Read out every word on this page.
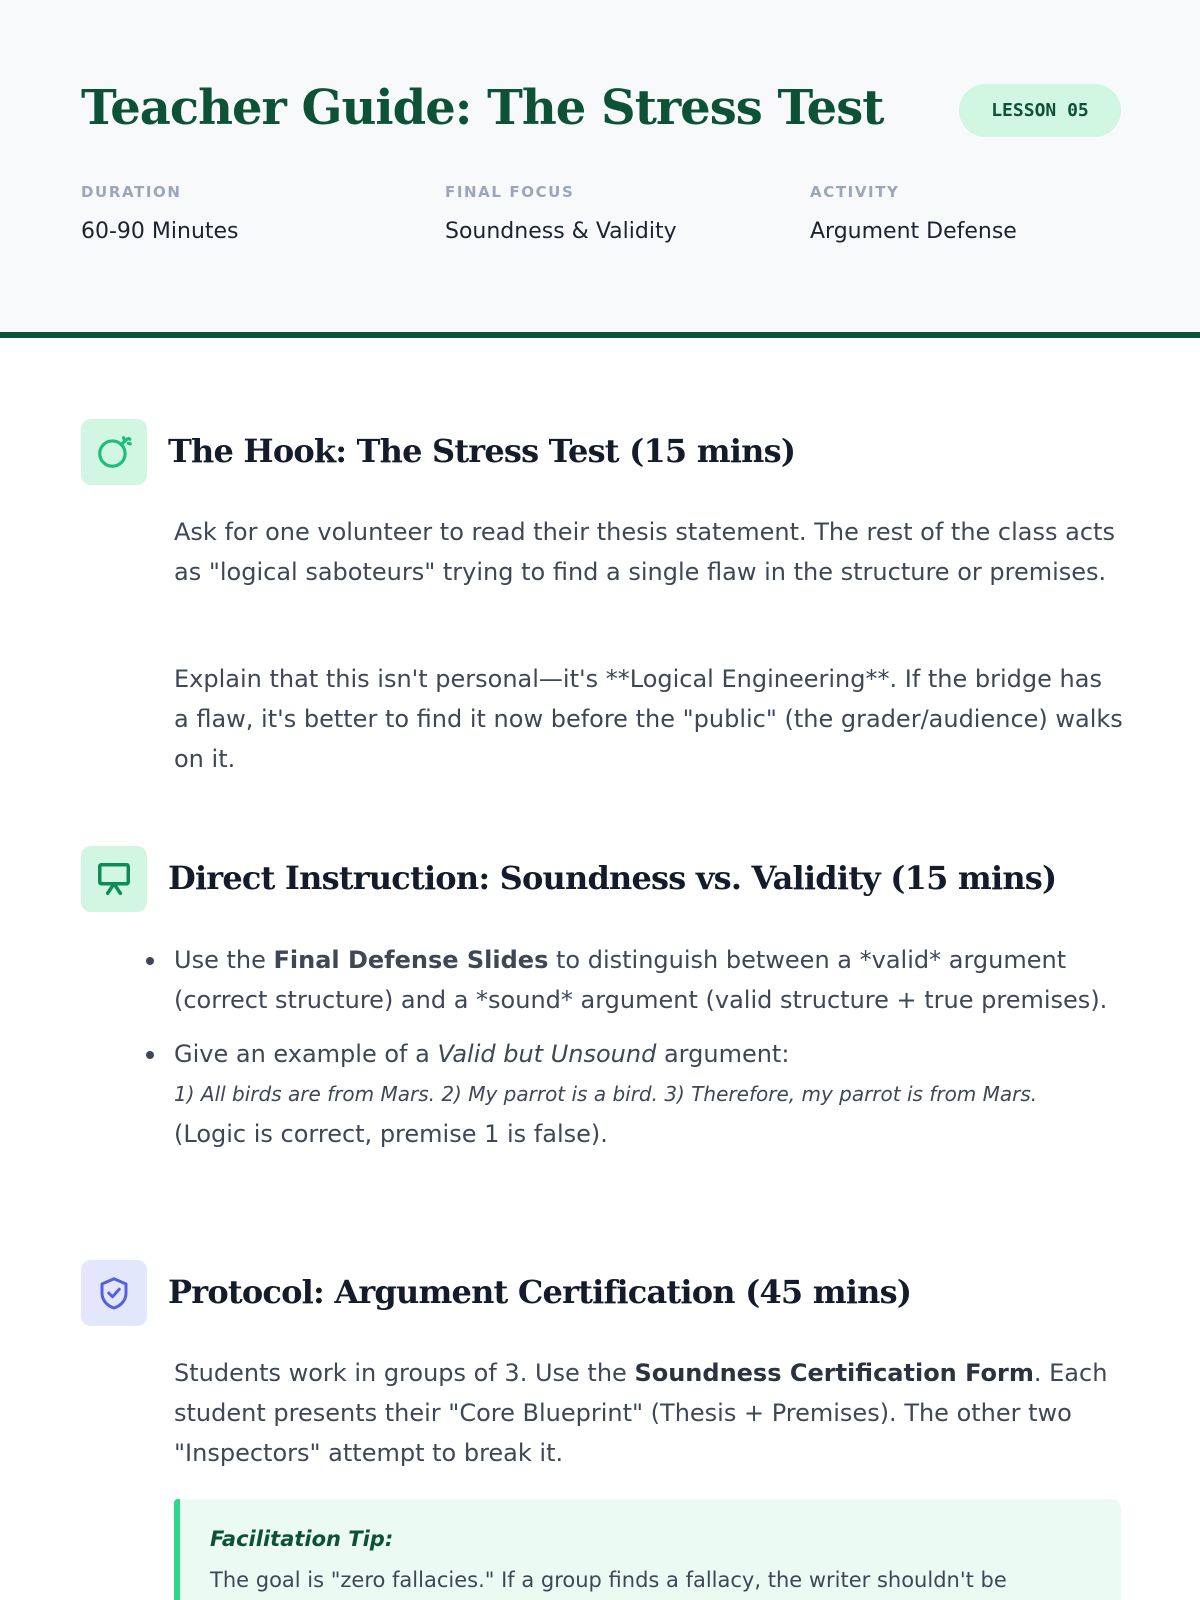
Teacher Guide: The Stress Test	LESSON 05
DURATION
60-90 Minutes
FINAL FOCUS
Soundness & Validity
ACTIVITY
Argument Defense
The Hook: The Stress Test (15 mins)

Ask for one volunteer to read their thesis statement. The rest of the class acts as "logical saboteurs" trying to find a single flaw in the structure or premises.

Explain that this isn't personal—it's **Logical Engineering**. If the bridge has a flaw, it's better to find it now before the "public" (the grader/audience) walks on it.

Direct Instruction: Soundness vs. Validity (15 mins)
Use the Final Defense Slides to distinguish between a *valid* argument (correct structure) and a *sound* argument (valid structure + true premises).
Give an example of a Valid but Unsound argument:
1) All birds are from Mars. 2) My parrot is a bird. 3) Therefore, my parrot is from Mars.
(Logic is correct, premise 1 is false).
Protocol: Argument Certification (45 mins)

Students work in groups of 3. Use the Soundness Certification Form. Each student presents their "Core Blueprint" (Thesis + Premises). The other two "Inspectors" attempt to break it.

Facilitation Tip:
The goal is "zero fallacies." If a group finds a fallacy, the writer shouldn't be
